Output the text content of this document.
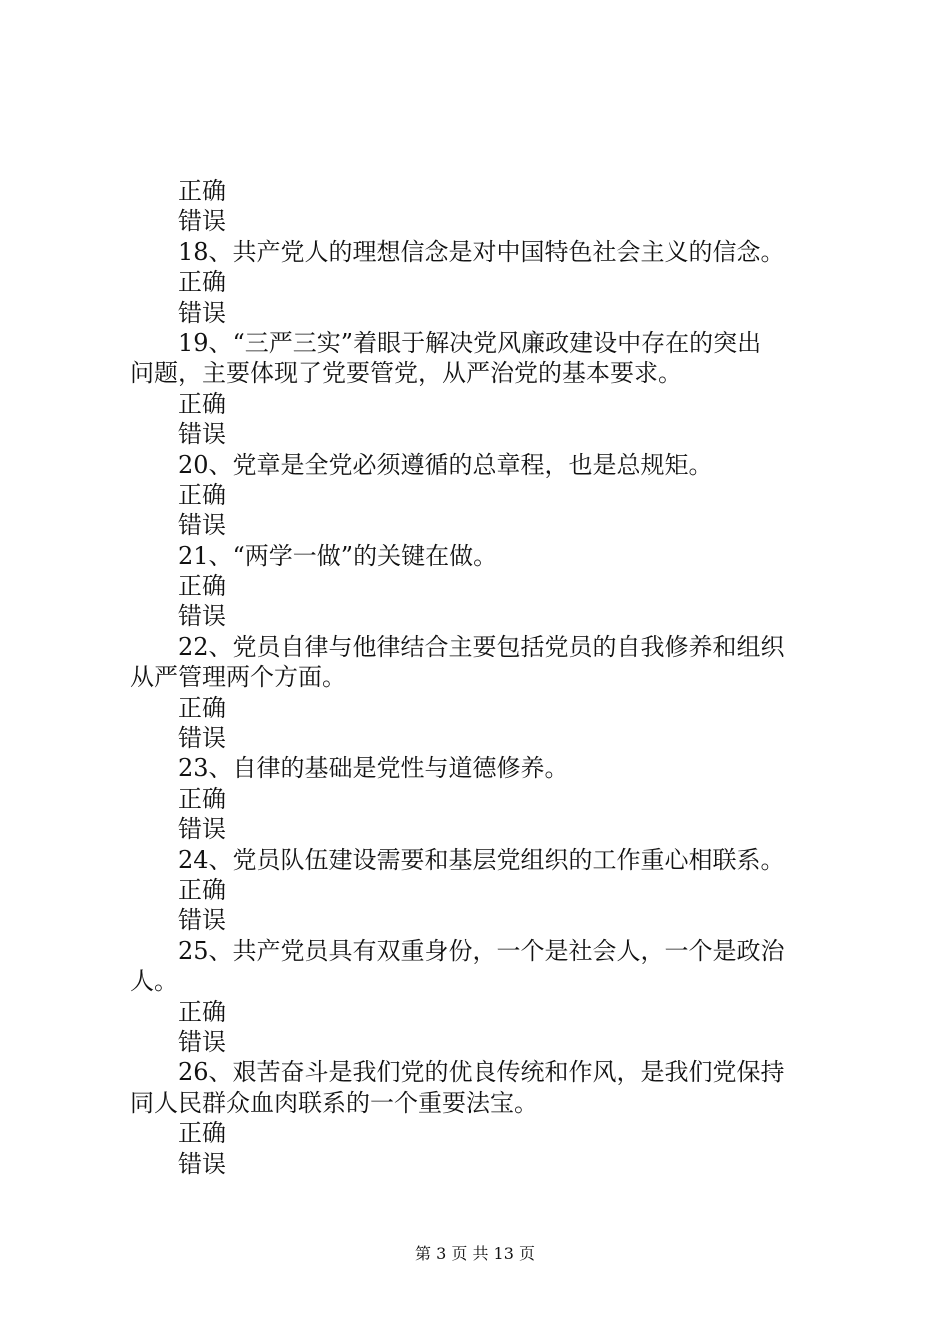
正确
错误
18、共产党人的理想信念是对中国特色社会主义的信念。
正确
错误
19、“三严三实”着眼于解决党风廉政建设中存在的突出
问题，主要体现了党要管党，从严治党的基本要求。
正确
错误
20、党章是全党必须遵循的总章程，也是总规矩。
正确
错误
21、“两学一做”的关键在做。
正确
错误
22、党员自律与他律结合主要包括党员的自我修养和组织
从严管理两个方面。
正确
错误
23、自律的基础是党性与道德修养。
正确
错误
24、党员队伍建设需要和基层党组织的工作重心相联系。
正确
错误
25、共产党员具有双重身份，一个是社会人，一个是政治
人。
正确
错误
26、艰苦奋斗是我们党的优良传统和作风，是我们党保持
同人民群众血肉联系的一个重要法宝。
正确
错误
第 3 页 共 13 页
